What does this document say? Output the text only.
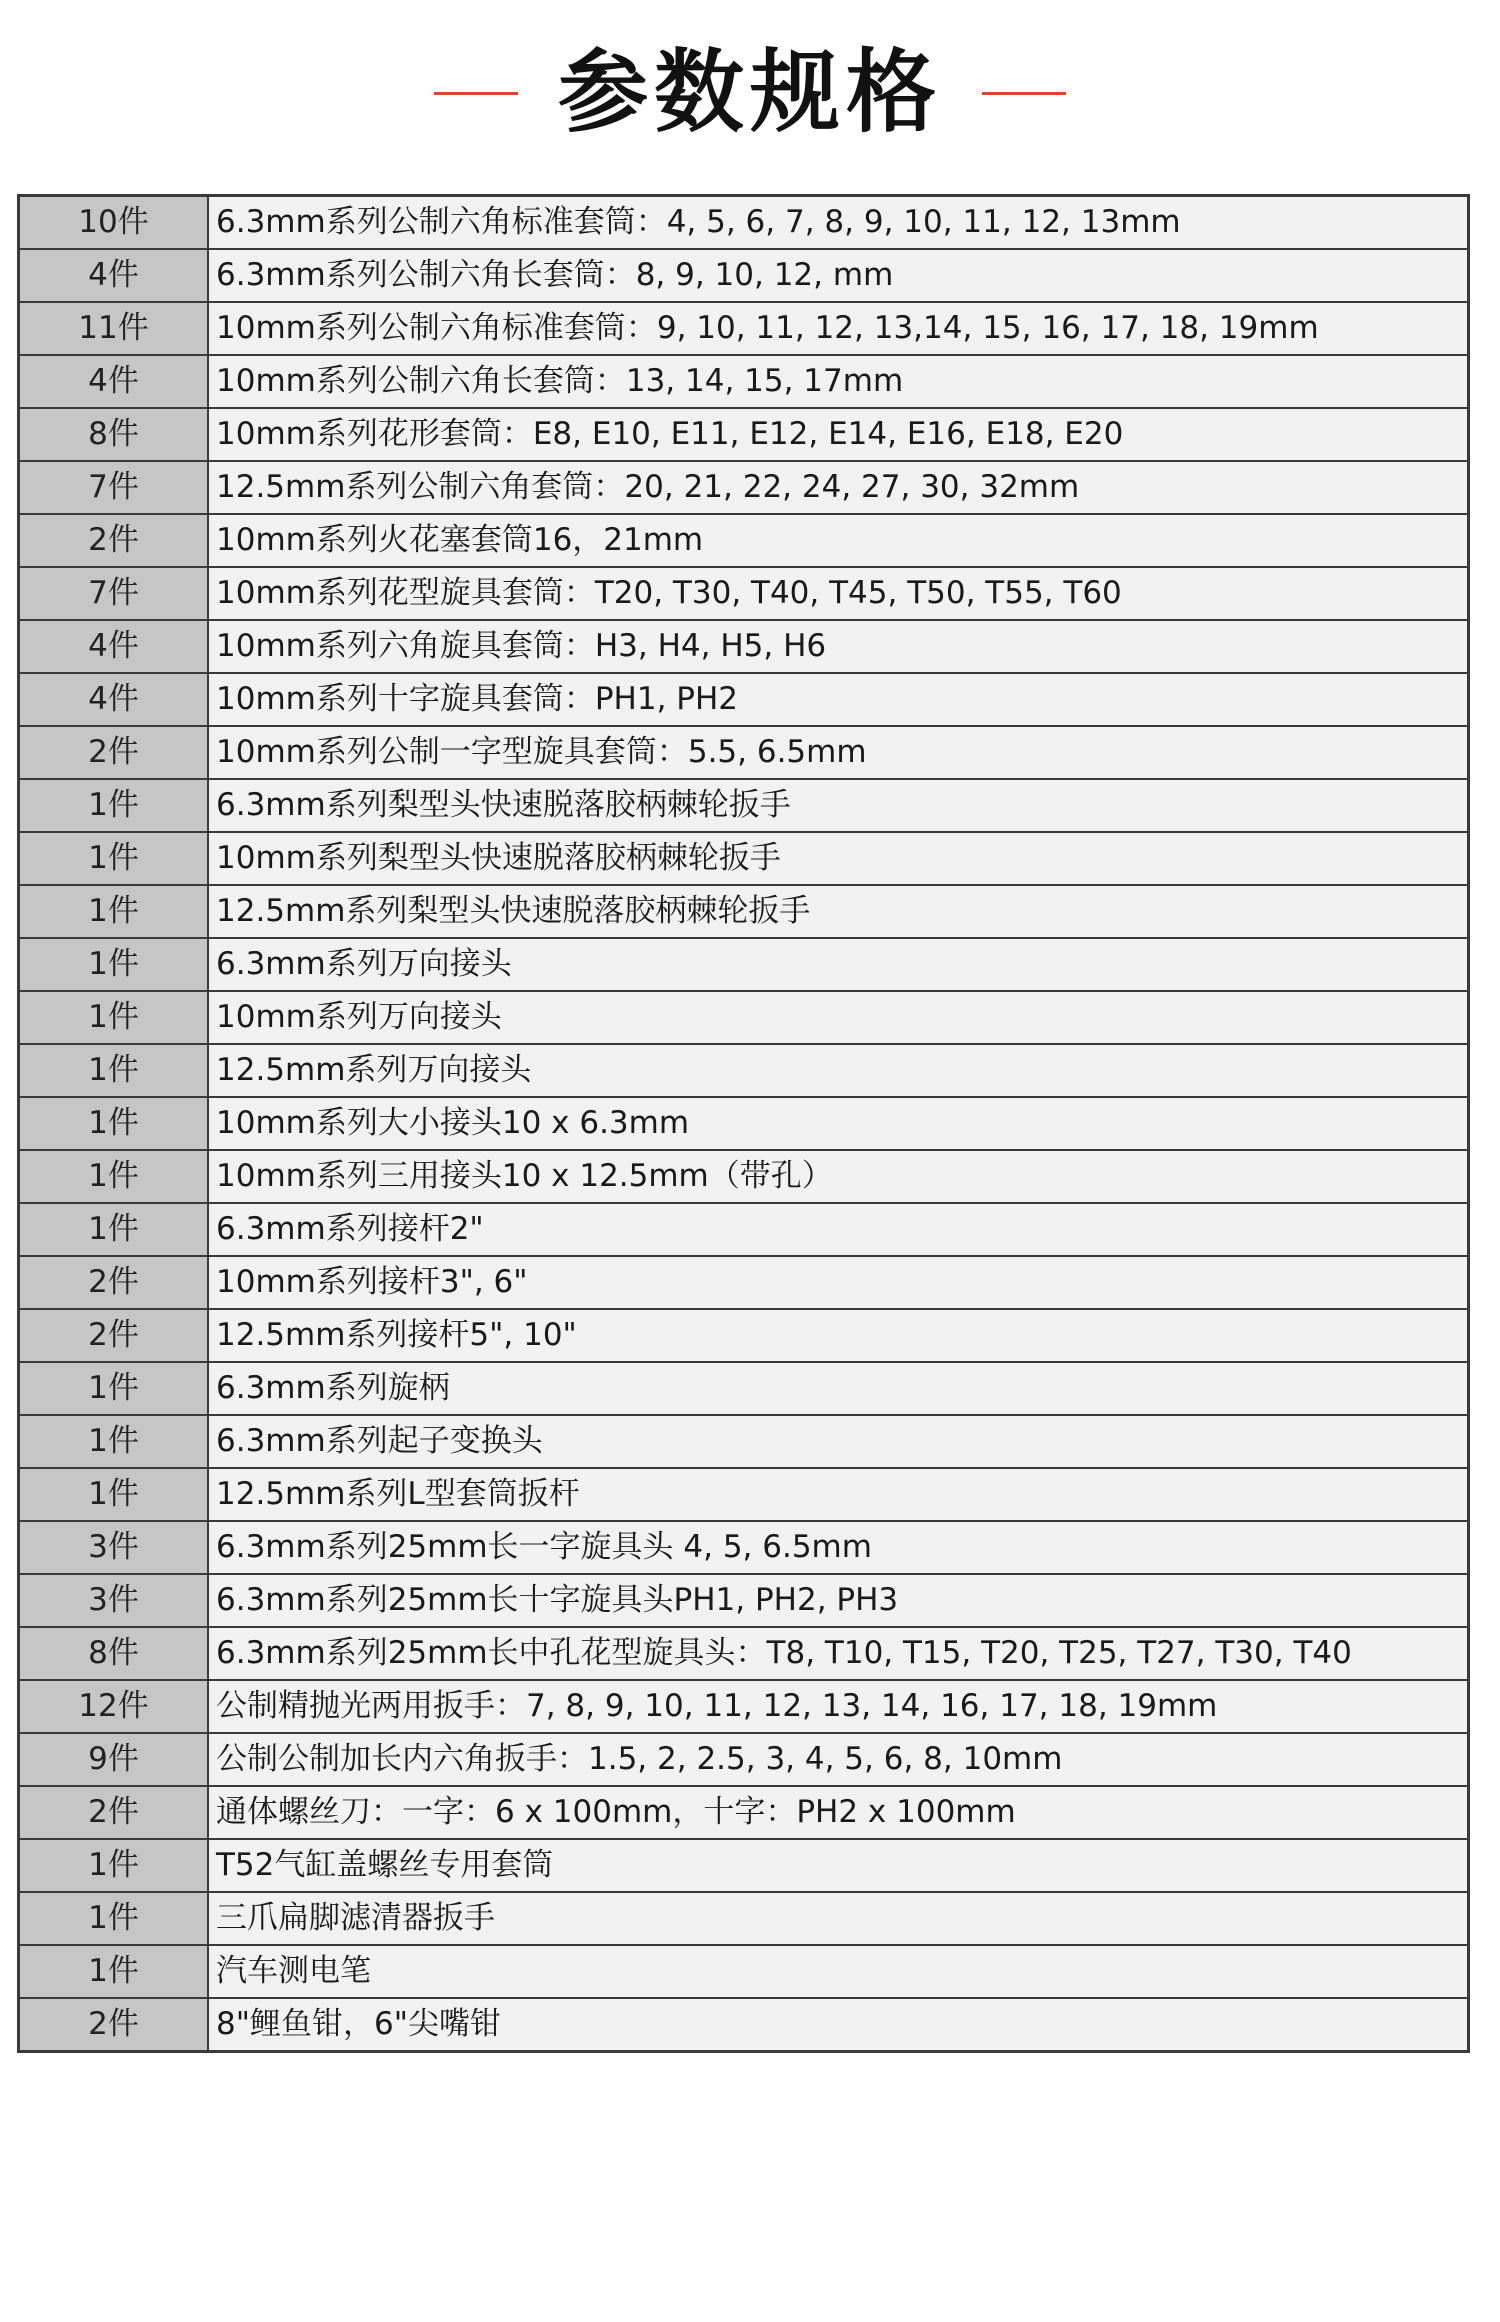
参数规格
10件	6.3mm系列公制六角标准套筒：4, 5, 6, 7, 8, 9, 10, 11, 12, 13mm
4件	6.3mm系列公制六角长套筒：8, 9, 10, 12, mm
11件	10mm系列公制六角标准套筒：9, 10, 11, 12, 13,14, 15, 16, 17, 18, 19mm
4件	10mm系列公制六角长套筒：13, 14, 15, 17mm
8件	10mm系列花形套筒：E8, E10, E11, E12, E14, E16, E18, E20
7件	12.5mm系列公制六角套筒：20, 21, 22, 24, 27, 30, 32mm
2件	10mm系列火花塞套筒16，21mm
7件	10mm系列花型旋具套筒：T20, T30, T40, T45, T50, T55, T60
4件	10mm系列六角旋具套筒：H3, H4, H5, H6
4件	10mm系列十字旋具套筒：PH1, PH2
2件	10mm系列公制一字型旋具套筒：5.5, 6.5mm
1件	6.3mm系列梨型头快速脱落胶柄棘轮扳手
1件	10mm系列梨型头快速脱落胶柄棘轮扳手
1件	12.5mm系列梨型头快速脱落胶柄棘轮扳手
1件	6.3mm系列万向接头
1件	10mm系列万向接头
1件	12.5mm系列万向接头
1件	10mm系列大小接头10 x 6.3mm
1件	10mm系列三用接头10 x 12.5mm（带孔）
1件	6.3mm系列接杆2"
2件	10mm系列接杆3", 6"
2件	12.5mm系列接杆5", 10"
1件	6.3mm系列旋柄
1件	6.3mm系列起子变换头
1件	12.5mm系列L型套筒扳杆
3件	6.3mm系列25mm长一字旋具头 4, 5, 6.5mm
3件	6.3mm系列25mm长十字旋具头PH1, PH2, PH3
8件	6.3mm系列25mm长中孔花型旋具头：T8, T10, T15, T20, T25, T27, T30, T40
12件	公制精抛光两用扳手：7, 8, 9, 10, 11, 12, 13, 14, 16, 17, 18, 19mm
9件	公制公制加长内六角扳手：1.5, 2, 2.5, 3, 4, 5, 6, 8, 10mm
2件	通体螺丝刀：一字：6 x 100mm，十字：PH2 x 100mm
1件	T52气缸盖螺丝专用套筒
1件	三爪扁脚滤清器扳手
1件	汽车测电笔
2件	8"鲤鱼钳，6"尖嘴钳
